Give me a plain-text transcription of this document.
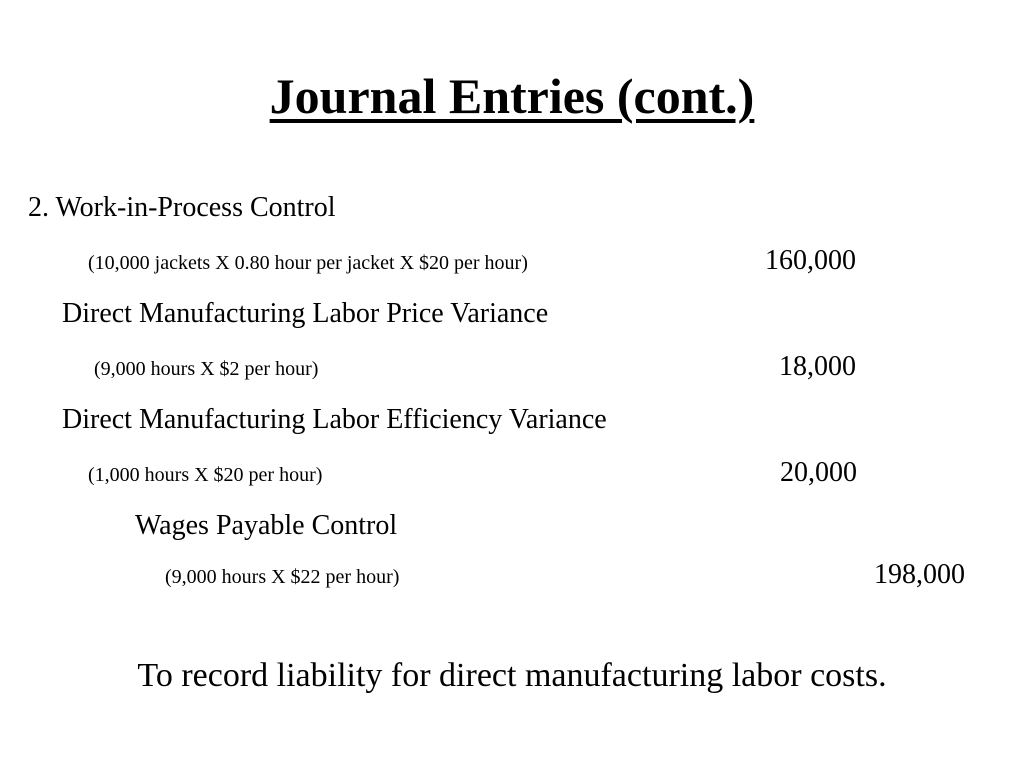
Journal Entries (cont.)
2. Work-in-Process Control
(10,000 jackets X 0.80 hour per jacket X $20 per hour)	160,000
Direct Manufacturing Labor Price Variance
(9,000 hours X $2 per hour)	18,000
Direct Manufacturing Labor Efficiency Variance
(1,000 hours X $20 per hour)	20,000
Wages Payable Control
(9,000 hours X $22 per hour)	198,000
To record liability for direct manufacturing labor costs.
